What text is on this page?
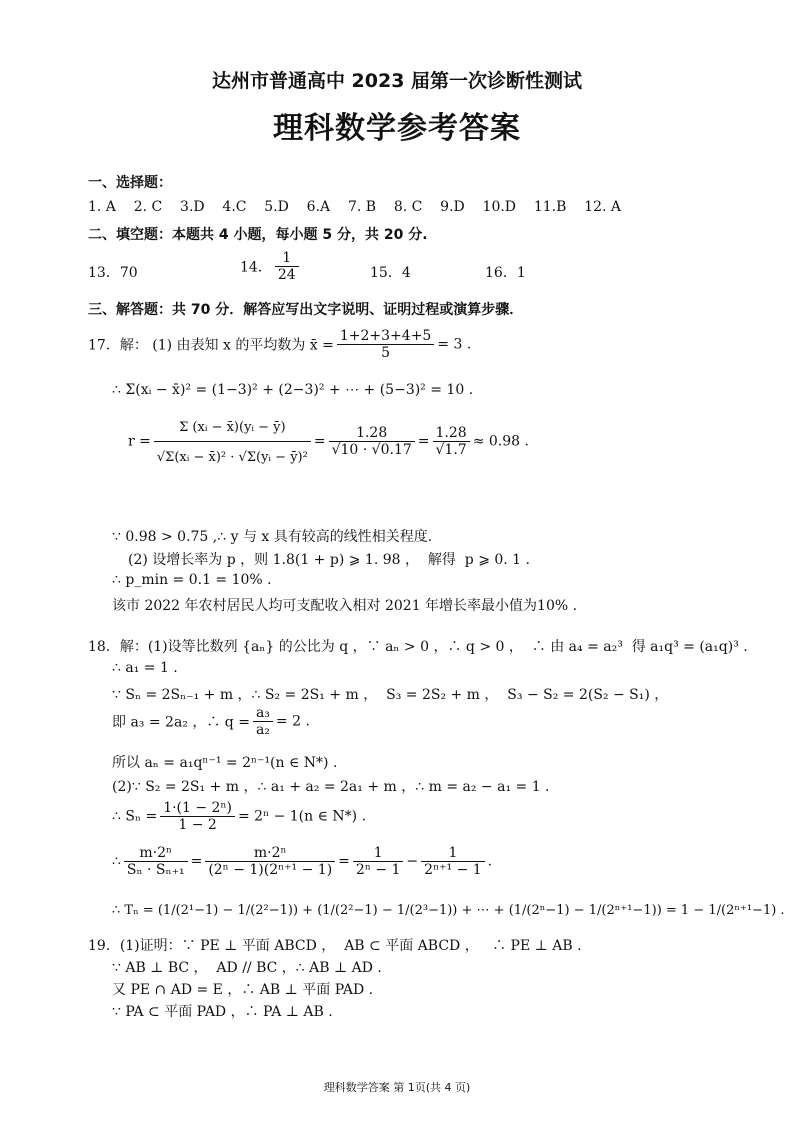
达州市普通高中 2023 届第一次诊断性测试
理科数学参考答案
一、选择题：
1. A    2. C    3.D    4.C    5.D    6.A    7. B    8. C    9.D    10.D    11.B    12. A
二、填空题：本题共 4 小题，每小题 5 分，共 20 分.
13．70	14． $\frac{1}{24}$	15．4	16．1
三、解答题：共 70 分．解答应写出文字说明、证明过程或演算步骤．
17．解： (1) 由表知 x 的平均数为 x̄ = $\frac{1+2+3+4+5}{5} = 3$ .
∴ Σ(xᵢ − x̄)² = (1−3)² + (2−3)² + ⋯ + (5−3)² = 10 .
$r = \frac{\text{Σ (xᵢ − x̄)(yᵢ − ȳ)}}{\text{√Σ(xᵢ − x̄)² · √Σ(yᵢ − ȳ)²}} = \frac{1.28}{√10 \cdot √0.17} = \frac{1.28}{√1.7} \approx 0.98$ .
∵ 0.98 > 0.75 ,∴ y 与 x 具有较高的线性相关程度.
(2) 设增长率为 p ，则 1.8(1 + p) ⩾ 1. 98 ，  解得  p ⩾ 0. 1 .
∴ p_min = 0.1 = 10% .
该市 2022 年农村居民人均可支配收入相对 2021 年增长率最小值为10% .
18．解：(1)设等比数列 {aₙ} 的公比为 q ，∵ aₙ > 0 ，∴ q > 0 ，  ∴ 由 a₄ = a₂³  得 a₁q³ = (a₁q)³ .
∴ a₁ = 1 .
∵ Sₙ = 2Sₙ₋₁ + m ，∴ S₂ = 2S₁ + m ，  S₃ = 2S₂ + m ，  S₃ − S₂ = 2(S₂ − S₁) ，
即 a₃ = 2a₂ ，∴ $q = \frac{\text{a₃}}{\text{a₂}} = 2$ .
所以 aₙ = a₁qⁿ⁻¹ = 2ⁿ⁻¹(n ∈ N*) .
(2)∵ S₂ = 2S₁ + m ，∴ a₁ + a₂ = 2a₁ + m ，∴ m = a₂ − a₁ = 1 .
∴ $S_n = \frac{\text{1·(1 − 2ⁿ)}}{1 - 2} = 2^n - 1(n$ ∈ N*) .
∴ $\frac{\text{m·2ⁿ}}{\text{Sₙ · Sₙ₊₁}} = \frac{\text{m·2ⁿ}}{\text{(2ⁿ − 1)(2ⁿ⁺¹ − 1)}} = \frac{1}{\text{2ⁿ − 1}} - \frac{1}{\text{2ⁿ⁺¹ − 1}}$ .
∴ Tₙ = (1/(2¹−1) − 1/(2²−1)) + (1/(2²−1) − 1/(2³−1)) + ⋯ + (1/(2ⁿ−1) − 1/(2ⁿ⁺¹−1)) = 1 − 1/(2ⁿ⁺¹−1) .
19．(1)证明：∵ PE ⊥ 平面 ABCD ，  AB ⊂ 平面 ABCD ，   ∴ PE ⊥ AB .
∵ AB ⊥ BC ，  AD // BC ，∴ AB ⊥ AD .
又 PE ∩ AD = E ，∴ AB ⊥ 平面 PAD .
∵ PA ⊂ 平面 PAD ，∴ PA ⊥ AB .
理科数学答案 第 1页(共 4 页)
